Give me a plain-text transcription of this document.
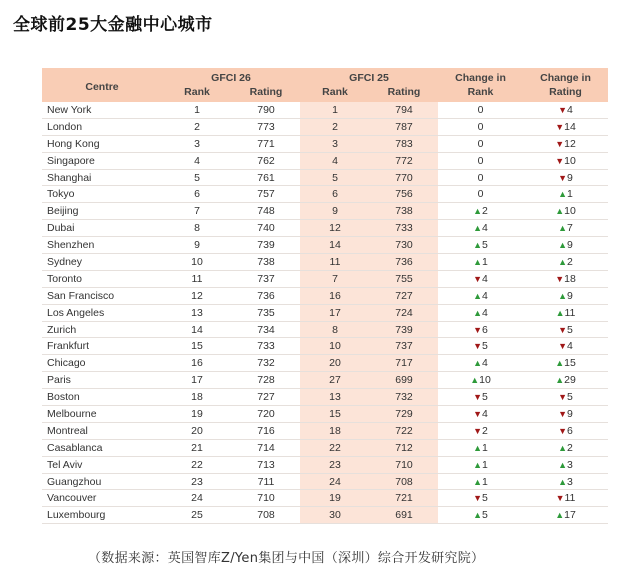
全球前25大金融中心城市
Centre	GFCI 26		GFCI 25		Change in	Change in
	Rank	Rating	Rank	Rating	Rank	Rating
New York	1	790	1	794	0	▼4
London	2	773	2	787	0	▼14
Hong Kong	3	771	3	783	0	▼12
Singapore	4	762	4	772	0	▼10
Shanghai	5	761	5	770	0	▼9
Tokyo	6	757	6	756	0	▲1
Beijing	7	748	9	738	▲2	▲10
Dubai	8	740	12	733	▲4	▲7
Shenzhen	9	739	14	730	▲5	▲9
Sydney	10	738	11	736	▲1	▲2
Toronto	11	737	7	755	▼4	▼18
San Francisco	12	736	16	727	▲4	▲9
Los Angeles	13	735	17	724	▲4	▲11
Zurich	14	734	8	739	▼6	▼5
Frankfurt	15	733	10	737	▼5	▼4
Chicago	16	732	20	717	▲4	▲15
Paris	17	728	27	699	▲10	▲29
Boston	18	727	13	732	▼5	▼5
Melbourne	19	720	15	729	▼4	▼9
Montreal	20	716	18	722	▼2	▼6
Casablanca	21	714	22	712	▲1	▲2
Tel Aviv	22	713	23	710	▲1	▲3
Guangzhou	23	711	24	708	▲1	▲3
Vancouver	24	710	19	721	▼5	▼11
Luxembourg	25	708	30	691	▲5	▲17
（数据来源：英国智库Z/Yen集团与中国（深圳）综合开发研究院）
